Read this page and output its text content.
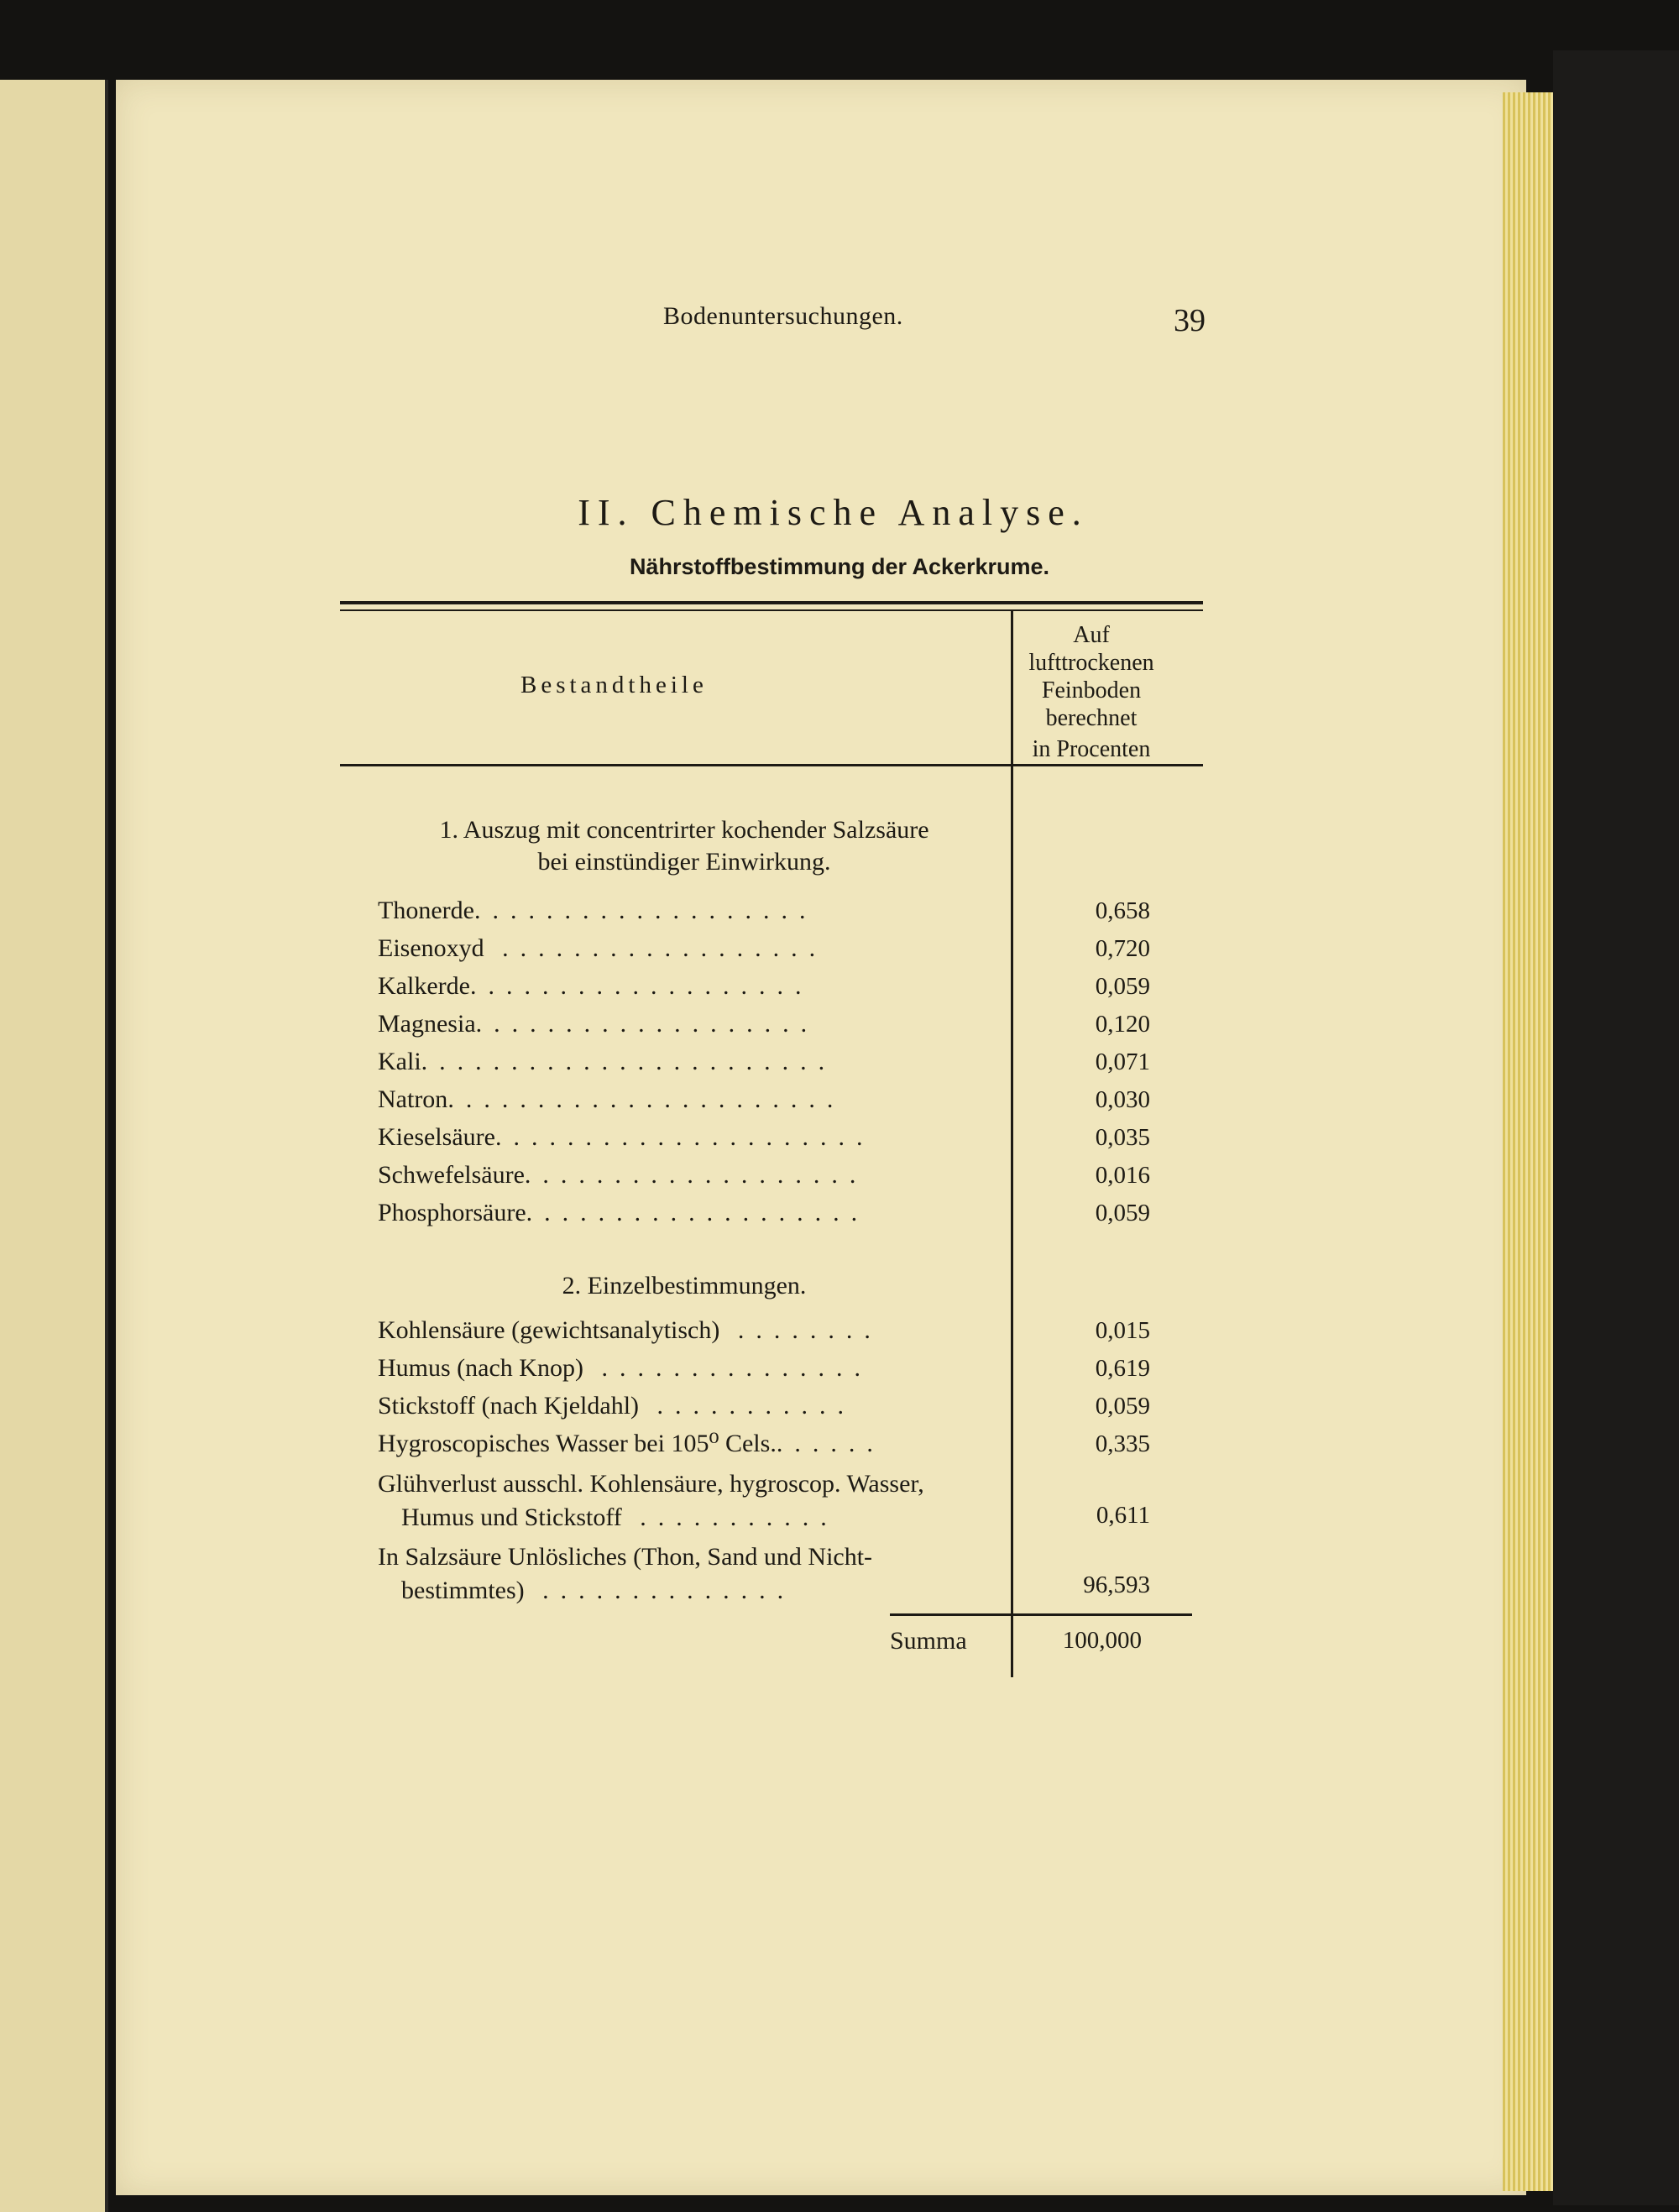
Bodenuntersuchungen.	39
II. Chemische Analyse.
Nährstoffbestimmung der Ackerkrume.
Bestandtheile
Auf
lufttrockenen
Feinboden
berechnet
in Procenten
1. Auszug mit concentrirter kochender Salzsäure
bei einstündiger Einwirkung.
Thonerde...................	0,658
Eisenoxyd ..................	0,720
Kalkerde...................	0,059
Magnesia...................	0,120
Kali.......................	0,071
Natron......................	0,030
Kieselsäure.....................	0,035
Schwefelsäure...................	0,016
Phosphorsäure...................	0,059
2. Einzelbestimmungen.
Kohlensäure (gewichtsanalytisch) ........	0,015
Humus (nach Knop) ...............	0,619
Stickstoff (nach Kjeldahl) ...........	0,059
Hygroscopisches Wasser bei 105⁰ Cels.......	0,335
Glühverlust ausschl. Kohlensäure, hygroscop. Wasser,
Humus und Stickstoff ...........	0,611
In Salzsäure Unlösliches (Thon, Sand und Nicht-
bestimmtes) ..............	96,593
Summa	100,000
